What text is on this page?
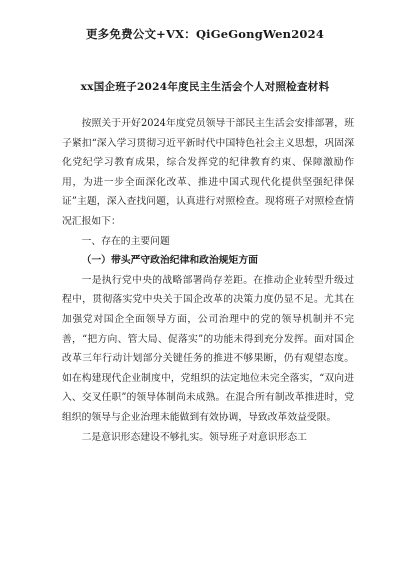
更多免费公文+VX：QiGeGongWen2024
xx国企班子2024年度民主生活会个人对照检查材料

按照关于开好2024年度党员领导干部民主生活会安排部署，班子紧扣“深入学习贯彻习近平新时代中国特色社会主义思想，巩固深化党纪学习教育成果，综合发挥党的纪律教育约束、保障激励作用，为进一步全面深化改革、推进中国式现代化提供坚强纪律保证”主题，深入查找问题，认真进行对照检查。现将班子对照检查情况汇报如下：

一、存在的主要问题

（一）带头严守政治纪律和政治规矩方面

一是执行党中央的战略部署尚存差距。在推动企业转型升级过程中，贯彻落实党中央关于国企改革的决策力度仍显不足。尤其在加强党对国企全面领导方面，公司治理中的党的领导机制并不完善，“把方向、管大局、促落实”的功能未得到充分发挥。面对国企改革三年行动计划部分关键任务的推进不够果断，仍有观望态度。如在构建现代企业制度中，党组织的法定地位未完全落实，“双向进入、交叉任职”的领导体制尚未成熟。在混合所有制改革推进时，党组织的领导与企业治理未能做到有效协调，导致改革效益受限。

二是意识形态建设不够扎实。领导班子对意识形态工
